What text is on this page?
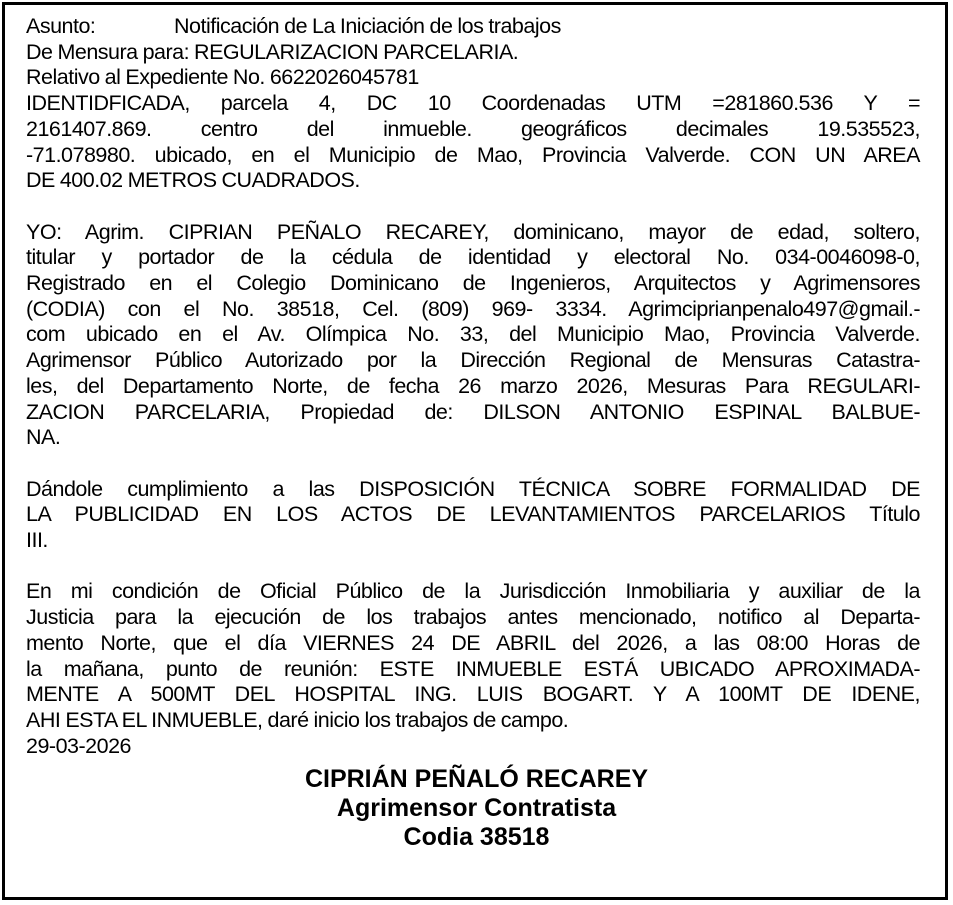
Asunto:	Notificación de La Iniciación de los trabajos
De Mensura para: REGULARIZACION PARCELARIA.
Relativo al Expediente No. 6622026045781
IDENTIDFICADA, parcela 4, DC 10 Coordenadas UTM =281860.536 Y =
2161407.869. centro del inmueble. geográficos decimales 19.535523,
-71.078980. ubicado, en el Municipio de Mao, Provincia Valverde. CON UN AREA
DE 400.02 METROS CUADRADOS.
YO: Agrim. CIPRIAN PEÑALO RECAREY, dominicano, mayor de edad, soltero,
titular y portador de la cédula de identidad y electoral No. 034-0046098-0,
Registrado en el Colegio Dominicano de Ingenieros, Arquitectos y Agrimensores
(CODIA) con el No. 38518, Cel. (809) 969- 3334. Agrimciprianpenalo497@gmail.-
com ubicado en el Av. Olímpica No. 33, del Municipio Mao, Provincia Valverde.
Agrimensor Público Autorizado por la Dirección Regional de Mensuras Catastra-
les, del Departamento Norte, de fecha 26 marzo 2026, Mesuras Para REGULARI-
ZACION PARCELARIA, Propiedad de: DILSON ANTONIO ESPINAL BALBUE-
NA.
Dándole cumplimiento a las DISPOSICIÓN TÉCNICA SOBRE FORMALIDAD DE
LA PUBLICIDAD EN LOS ACTOS DE LEVANTAMIENTOS PARCELARIOS Título
III.
En mi condición de Oficial Público de la Jurisdicción Inmobiliaria y auxiliar de la
Justicia para la ejecución de los trabajos antes mencionado, notifico al Departa-
mento Norte, que el día VIERNES 24 DE ABRIL del 2026, a las 08:00 Horas de
la mañana, punto de reunión: ESTE INMUEBLE ESTÁ UBICADO APROXIMADA-
MENTE A 500MT DEL HOSPITAL ING. LUIS BOGART. Y A 100MT DE IDENE,
AHI ESTA EL INMUEBLE, daré inicio los trabajos de campo.
29-03-2026
CIPRIÁN PEÑALÓ RECAREY
Agrimensor Contratista
Codia 38518
